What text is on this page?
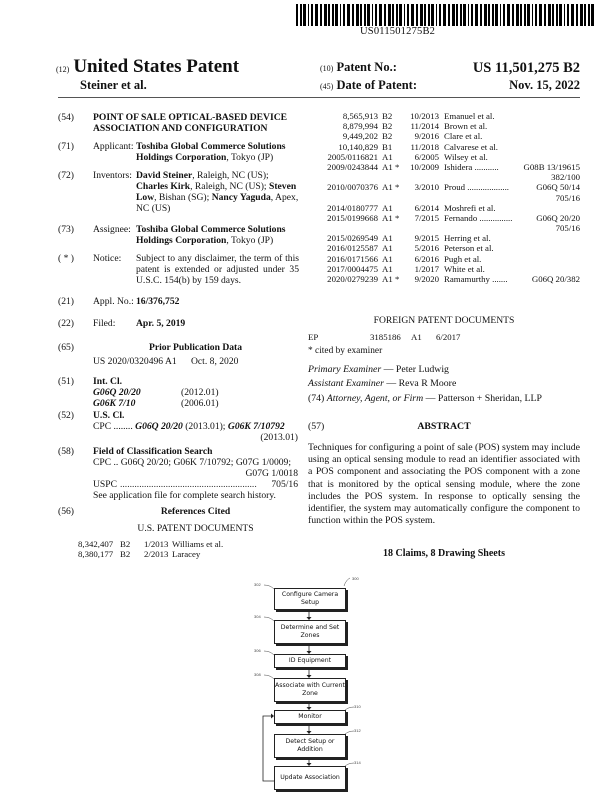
US011501275B2
(12) United States Patent
Steiner et al.
(10) Patent No.:	US 11,501,275 B2
(45) Date of Patent:	Nov. 15, 2022
(54)	POINT OF SALE OPTICAL-BASED DEVICE ASSOCIATION AND CONFIGURATION
(71)	Applicant: Toshiba Global Commerce Solutions Holdings Corporation, Tokyo (JP)
(72)	Inventors: David Steiner, Raleigh, NC (US); Charles Kirk, Raleigh, NC (US); Steven Low, Bishan (SG); Nancy Yaguda, Apex, NC (US)
(73)	Assignee: Toshiba Global Commerce Solutions Holdings Corporation, Tokyo (JP)
( * )	Notice: Subject to any disclaimer, the term of this patent is extended or adjusted under 35 U.S.C. 154(b) by 159 days.
(21)	Appl. No.: 16/376,752
(22)	Filed: Apr. 5, 2019
(65)	Prior Publication Data
US 2020/0320496 A1 Oct. 8, 2020
(51)	Int. Cl.
G06Q 20/20	(2012.01)
G06K 7/10	(2006.01)
(52)	U.S. Cl.
CPC ........ G06Q 20/20 (2013.01); G06K 7/10792
(2013.01)
(58)	Field of Classification Search
CPC .. G06Q 20/20; G06K 7/10792; G07G 1/0009;
G07G 1/0018
USPC .........................................................	705/16
See application file for complete search history.
(56)	References Cited
U.S. PATENT DOCUMENTS
8,342,407 B2 1/2013 Williams et al.
8,380,177 B2 2/2013 Laracey
8,565,913 B2 10/2013 Emanuel et al.
8,879,994 B2 11/2014 Brown et al.
9,449,202 B2	9/2016 Clare et al.
10,140,829 B1 11/2018 Calvarese et al.
2005/0116821 A1 6/2005 Wilsey et al.
2009/0243844 A1 * 10/2009 Ishidera ...........	G08B 13/19615
382/100
2010/0070376 A1 * 3/2010 Proud ...................	G06Q 50/14
705/16
2014/0180777 A1 6/2014 Moshrefi et al.
2015/0199668 A1 * 7/2015 Fernando ...............	G06Q 20/20
705/16
2015/0269549 A1 9/2015 Herring et al.
2016/0125587 A1 5/2016 Peterson et al.
2016/0171566 A1 6/2016 Pugh et al.
2017/0004475 A1 1/2017 White et al.
2020/0279239 A1 * 9/2020 Ramamurthy .......	G06Q 20/382
FOREIGN PATENT DOCUMENTS
EP	3185186 A1 6/2017
* cited by examiner
Primary Examiner — Peter Ludwig
Assistant Examiner — Reva R Moore
(74) Attorney, Agent, or Firm — Patterson + Sheridan, LLP
(57)	ABSTRACT
Techniques for configuring a point of sale (POS) system may include using an optical sensing module to read an identifier associated with a POS component and associating the POS component with a zone that is monitored by the optical sensing module, where the zone includes the POS system. In response to optically sensing the identifier, the system may automatically configure the component to function within the POS system.
18 Claims, 8 Drawing Sheets
300
302
304
306
308
310
312
314
Configure Camera Setup
Determine and Set Zones
ID Equipment
Associate with Current Zone
Monitor
Detect Setup or Addition
Update Association
